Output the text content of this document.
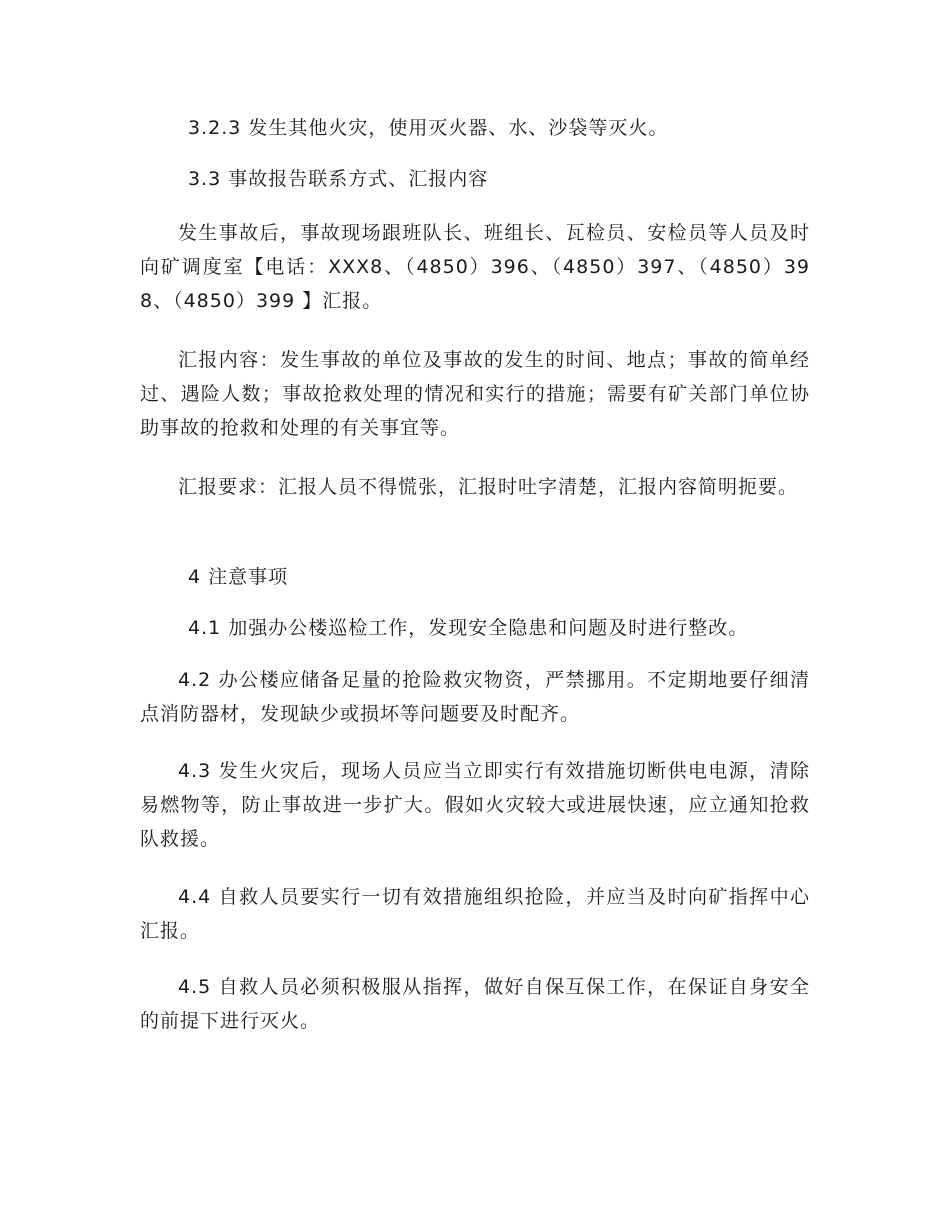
3.2.3 发生其他火灾，使用灭火器、水、沙袋等灭火。

3.3 事故报告联系方式、汇报内容

发生事故后，事故现场跟班队长、班组长、瓦检员、安检员等人员及时向矿调度室【电话：XXX8、（4850）396、（4850）397、（4850）398、（4850）399 】汇报。

汇报内容：发生事故的单位及事故的发生的时间、地点；事故的简单经过、遇险人数；事故抢救处理的情况和实行的措施；需要有矿关部门单位协助事故的抢救和处理的有关事宜等。

汇报要求：汇报人员不得慌张，汇报时吐字清楚，汇报内容简明扼要。

4 注意事项

4.1 加强办公楼巡检工作，发现安全隐患和问题及时进行整改。

4.2 办公楼应储备足量的抢险救灾物资，严禁挪用。不定期地要仔细清点消防器材，发现缺少或损坏等问题要及时配齐。

4.3 发生火灾后，现场人员应当立即实行有效措施切断供电电源，清除易燃物等，防止事故进一步扩大。假如火灾较大或进展快速，应立通知抢救队救援。

4.4 自救人员要实行一切有效措施组织抢险，并应当及时向矿指挥中心汇报。

4.5 自救人员必须积极服从指挥，做好自保互保工作，在保证自身安全的前提下进行灭火。
